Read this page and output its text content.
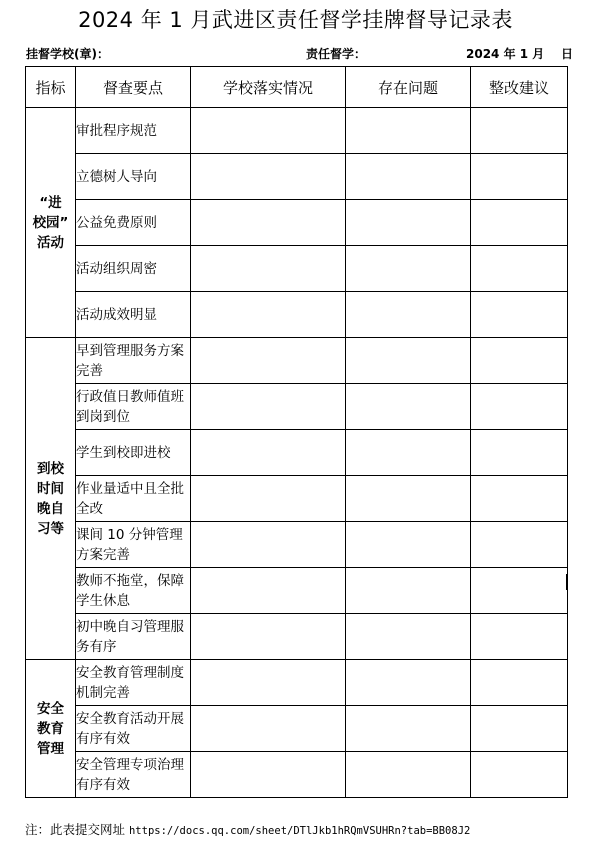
2024 年 1 月武进区责任督学挂牌督导记录表
挂督学校(章)：	责任督学：	2024 年 1 月    日
指标	督查要点	学校落实情况	存在问题	整改建议
“进
校园”
活动	审批程序规范			
	立德树人导向			
	公益免费原则			
	活动组织周密			
	活动成效明显			
到校
时间
晚自
习等	早到管理服务方案完善			
	行政值日教师值班到岗到位			
	学生到校即进校			
	作业量适中且全批全改			
	课间 10 分钟管理方案完善			
	教师不拖堂，保障学生休息			
	初中晚自习管理服务有序			
安全
教育
管理	安全教育管理制度机制完善			
	安全教育活动开展有序有效			
	安全管理专项治理有序有效			
注：此表提交网址 https://docs.qq.com/sheet/DTlJkb1hRQmVSUHRn?tab=BB08J2
